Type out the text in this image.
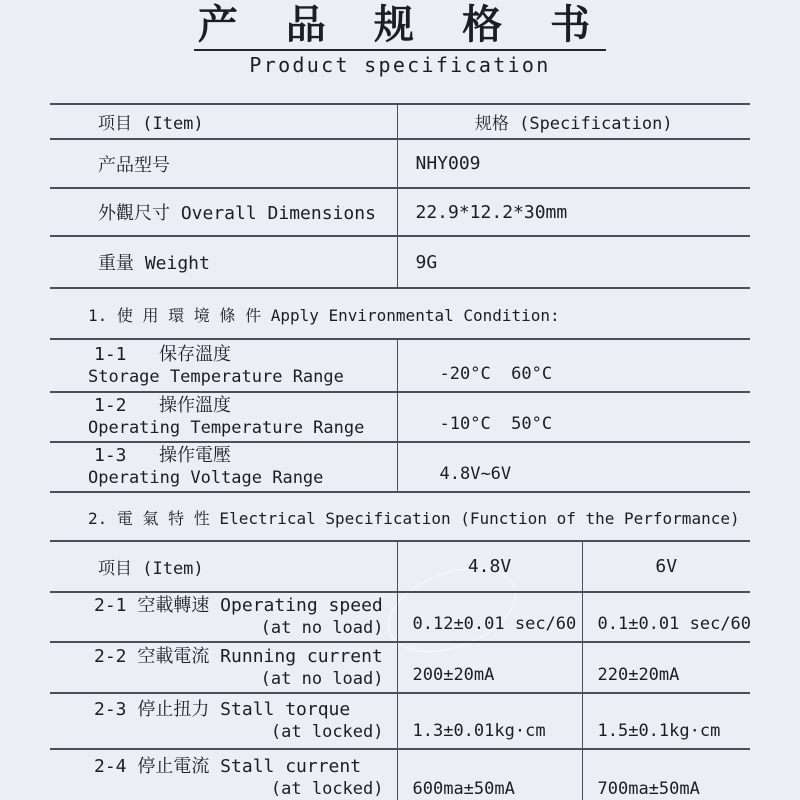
产 品 规 格 书
Product specification
项目 (Item)	规格 (Specification)
产品型号	NHY009
外觀尺寸 Overall Dimensions	22.9*12.2*30mm
重量 Weight	9G
1. 使 用 環 境 條 件 Apply Environmental Condition:
1-1   保存溫度
Storage Temperature Range	-20°C  60°C

1-2   操作溫度
Operating Temperature Range	-10°C  50°C

1-3   操作電壓
Operating Voltage Range	4.8V~6V
2. 電 氣 特 性 Electrical Specification (Function of the Performance)
项目 (Item)	4.8V	6V

2-1 空載轉速 Operating speed
(at no load)	0.12±0.01 sec/60	0.1±0.01 sec/60

2-2 空載電流 Running current
(at no load)	200±20mA	220±20mA

2-3 停止扭力 Stall torque
(at locked)	1.3±0.01kg·cm	1.5±0.1kg·cm

2-4 停止電流 Stall current
(at locked)	600ma±50mA	700ma±50mA
